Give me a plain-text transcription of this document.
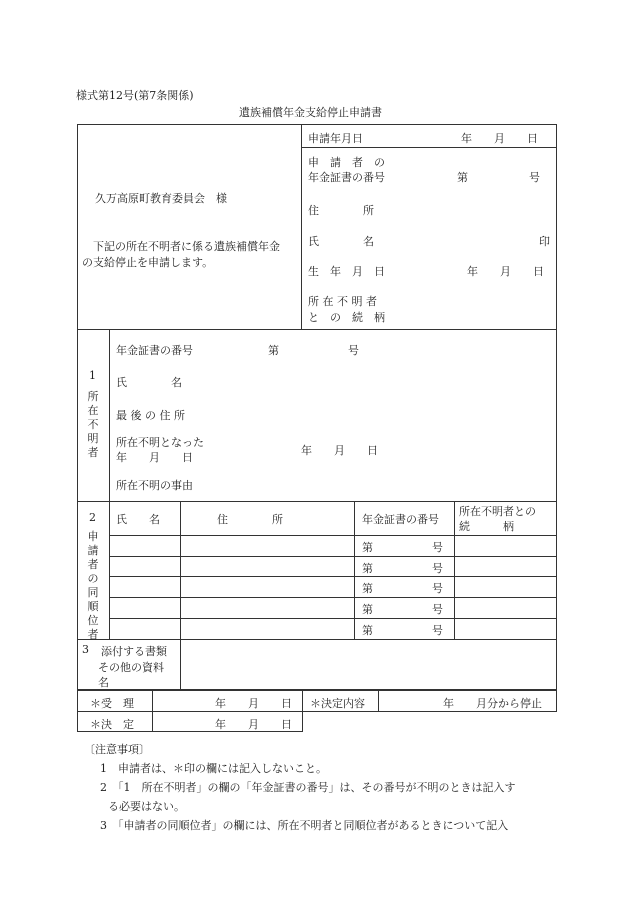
様式第12号(第7条関係)
遺族補償年金支給停止申請書
久万高原町教育委員会　様
下記の所在不明者に係る遺族補償年金
の支給停止を申請します。
申請年月日	年　　月　　日
申　請　者　の
年金証書の番号	第	号
住　　　　所
氏　　　　名	印
生　年　月　日	年　　月　　日
所 在 不 明 者
と　の　続　柄
1
所在不明者
年金証書の番号	第	号
氏　　　　名
最 後 の 住 所
所在不明となった
年　　月　　日
年　　月　　日
所在不明の事由
2
申請者の同順位者
氏　　名	住　　　　所	年金証書の番号
所在不明者との
続　　　柄
第	号
第	号
第	号
第	号
第	号
3 添付する書類
その他の資料
名
＊受　理	年　　月　　日 ＊決定内容	年　　月分から停止
＊決　定	年　　月　　日
〔注意事項〕
1　申請者は、＊印の欄には記入しないこと。
2　「1　所在不明者」の欄の「年金証書の番号」は、その番号が不明のときは記入す
る必要はない。
3　「申請者の同順位者」の欄には、所在不明者と同順位者があるときについて記入
